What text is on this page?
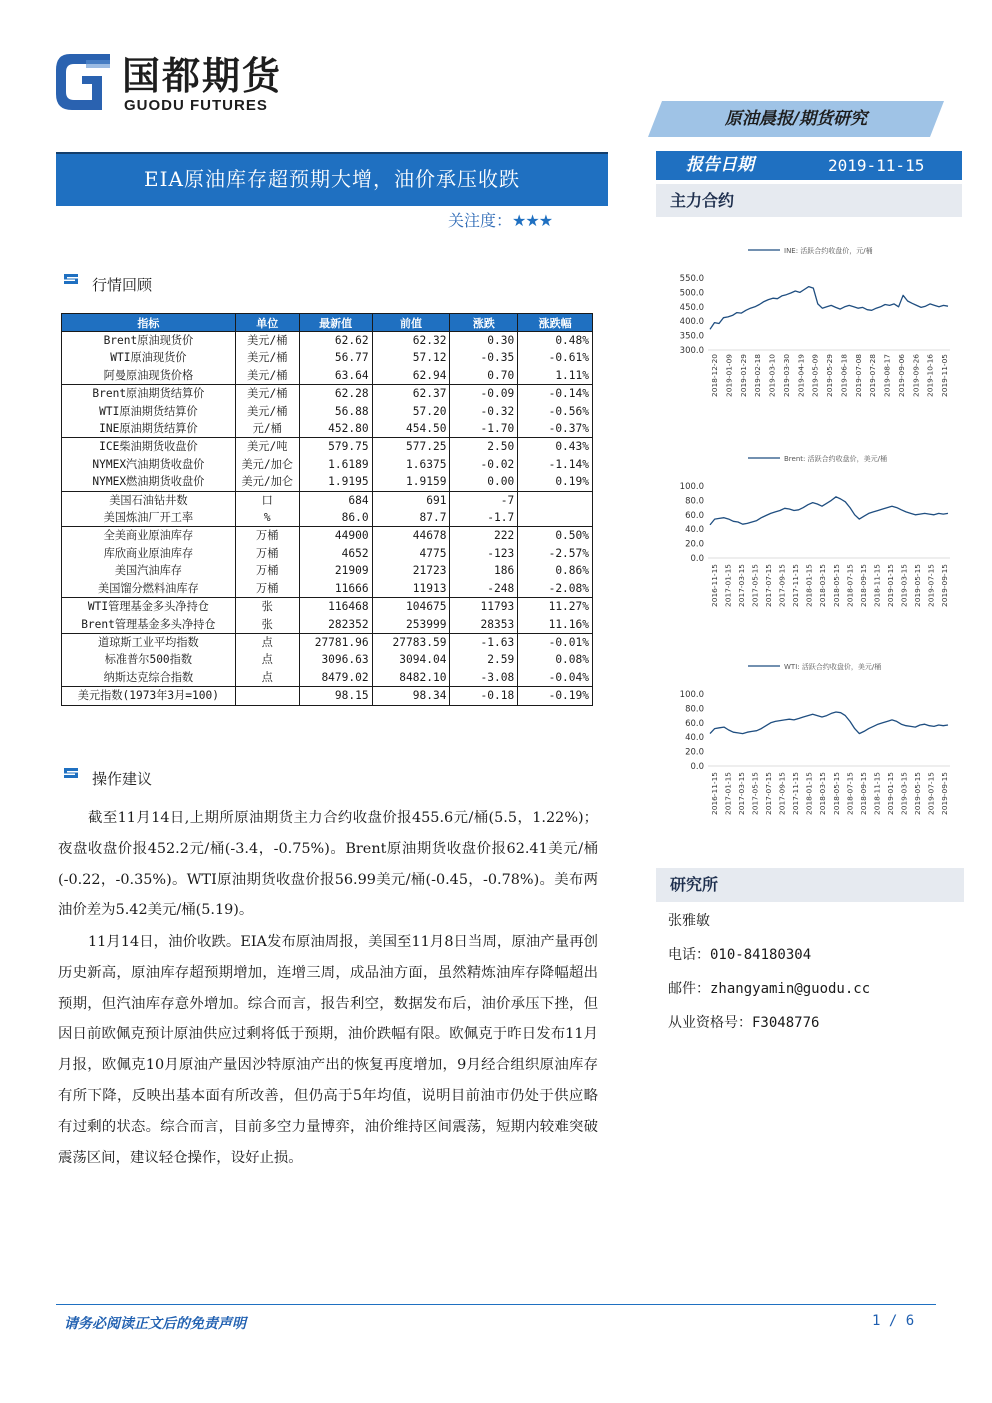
国都期货
GUODU FUTURES
原油晨报/期货研究
报告日期	2019-11-15
主力合约
EIA原油库存超预期大增，油价承压收跌
关注度：★★★
行情回顾
指标	单位	最新值	前值	涨跌	涨跌幅
Brent原油现货价	美元/桶	62.62	62.32	0.30	0.48%
WTI原油现货价	美元/桶	56.77	57.12	-0.35	-0.61%
阿曼原油现货价格	美元/桶	63.64	62.94	0.70	1.11%
Brent原油期货结算价	美元/桶	62.28	62.37	-0.09	-0.14%
WTI原油期货结算价	美元/桶	56.88	57.20	-0.32	-0.56%
INE原油期货结算价	元/桶	452.80	454.50	-1.70	-0.37%
ICE柴油期货收盘价	美元/吨	579.75	577.25	2.50	0.43%
NYMEX汽油期货收盘价	美元/加仑	1.6189	1.6375	-0.02	-1.14%
NYMEX燃油期货收盘价	美元/加仑	1.9195	1.9159	0.00	0.19%
美国石油钻井数	口	684	691	-7	
美国炼油厂开工率	%	86.0	87.7	-1.7	
全美商业原油库存	万桶	44900	44678	222	0.50%
库欣商业原油库存	万桶	4652	4775	-123	-2.57%
美国汽油库存	万桶	21909	21723	186	0.86%
美国馏分燃料油库存	万桶	11666	11913	-248	-2.08%
WTI管理基金多头净持仓	张	116468	104675	11793	11.27%
Brent管理基金多头净持仓	张	282352	253999	28353	11.16%
道琼斯工业平均指数	点	27781.96	27783.59	-1.63	-0.01%
标准普尔500指数	点	3096.63	3094.04	2.59	0.08%
纳斯达克综合指数	点	8479.02	8482.10	-3.08	-0.04%
美元指数(1973年3月=100)		98.15	98.34	-0.18	-0.19%
操作建议
截至11月14日,上期所原油期货主力合约收盘价报455.6元/桶(5.5，1.22%)；夜盘收盘价报452.2元/桶(-3.4，-0.75%)。Brent原油期货收盘价报62.41美元/桶(-0.22，-0.35%)。WTI原油期货收盘价报56.99美元/桶(-0.45，-0.78%)。美布两油价差为5.42美元/桶(5.19)。
11月14日，油价收跌。EIA发布原油周报，美国至11月8日当周，原油产量再创历史新高，原油库存超预期增加，连增三周，成品油方面，虽然精炼油库存降幅超出预期，但汽油库存意外增加。综合而言，报告利空，数据发布后，油价承压下挫，但因日前欧佩克预计原油供应过剩将低于预期，油价跌幅有限。欧佩克于昨日发布11月月报，欧佩克10月原油产量因沙特原油产出的恢复再度增加，9月经合组织原油库存有所下降，反映出基本面有所改善，但仍高于5年均值，说明目前油市仍处于供应略有过剩的状态。综合而言，目前多空力量博弈，油价维持区间震荡，短期内较难突破震荡区间，建议轻仓操作，设好止损。
INE: 活跃合约收盘价，元/桶
550.0
500.0
450.0
400.0
350.0
300.0
2018-12-20 2019-01-09 2019-01-29 2019-02-18 2019-03-10 2019-03-30 2019-04-19 2019-05-09 2019-05-29 2019-06-18 2019-07-08 2019-07-28 2019-08-17 2019-09-06 2019-09-26 2019-10-16 2019-11-05
Brent: 活跃合约收盘价，美元/桶
100.0
80.0
60.0
40.0
20.0
0.0
2016-11-15 2017-01-15 2017-03-15 2017-05-15 2017-07-15 2017-09-15 2017-11-15 2018-01-15 2018-03-15 2018-05-15 2018-07-15 2018-09-15 2018-11-15 2019-01-15 2019-03-15 2019-05-15 2019-07-15 2019-09-15
WTI: 活跃合约收盘价，美元/桶
100.0
80.0
60.0
40.0
20.0
0.0
2016-11-15 2017-01-15 2017-03-15 2017-05-15 2017-07-15 2017-09-15 2017-11-15 2018-01-15 2018-03-15 2018-05-15 2018-07-15 2018-09-15 2018-11-15 2019-01-15 2019-03-15 2019-05-15 2019-07-15 2019-09-15
研究所
张雅敏
电话：010-84180304
邮件：zhangyamin@guodu.cc
从业资格号：F3048776
请务必阅读正文后的免责声明	1 / 6
